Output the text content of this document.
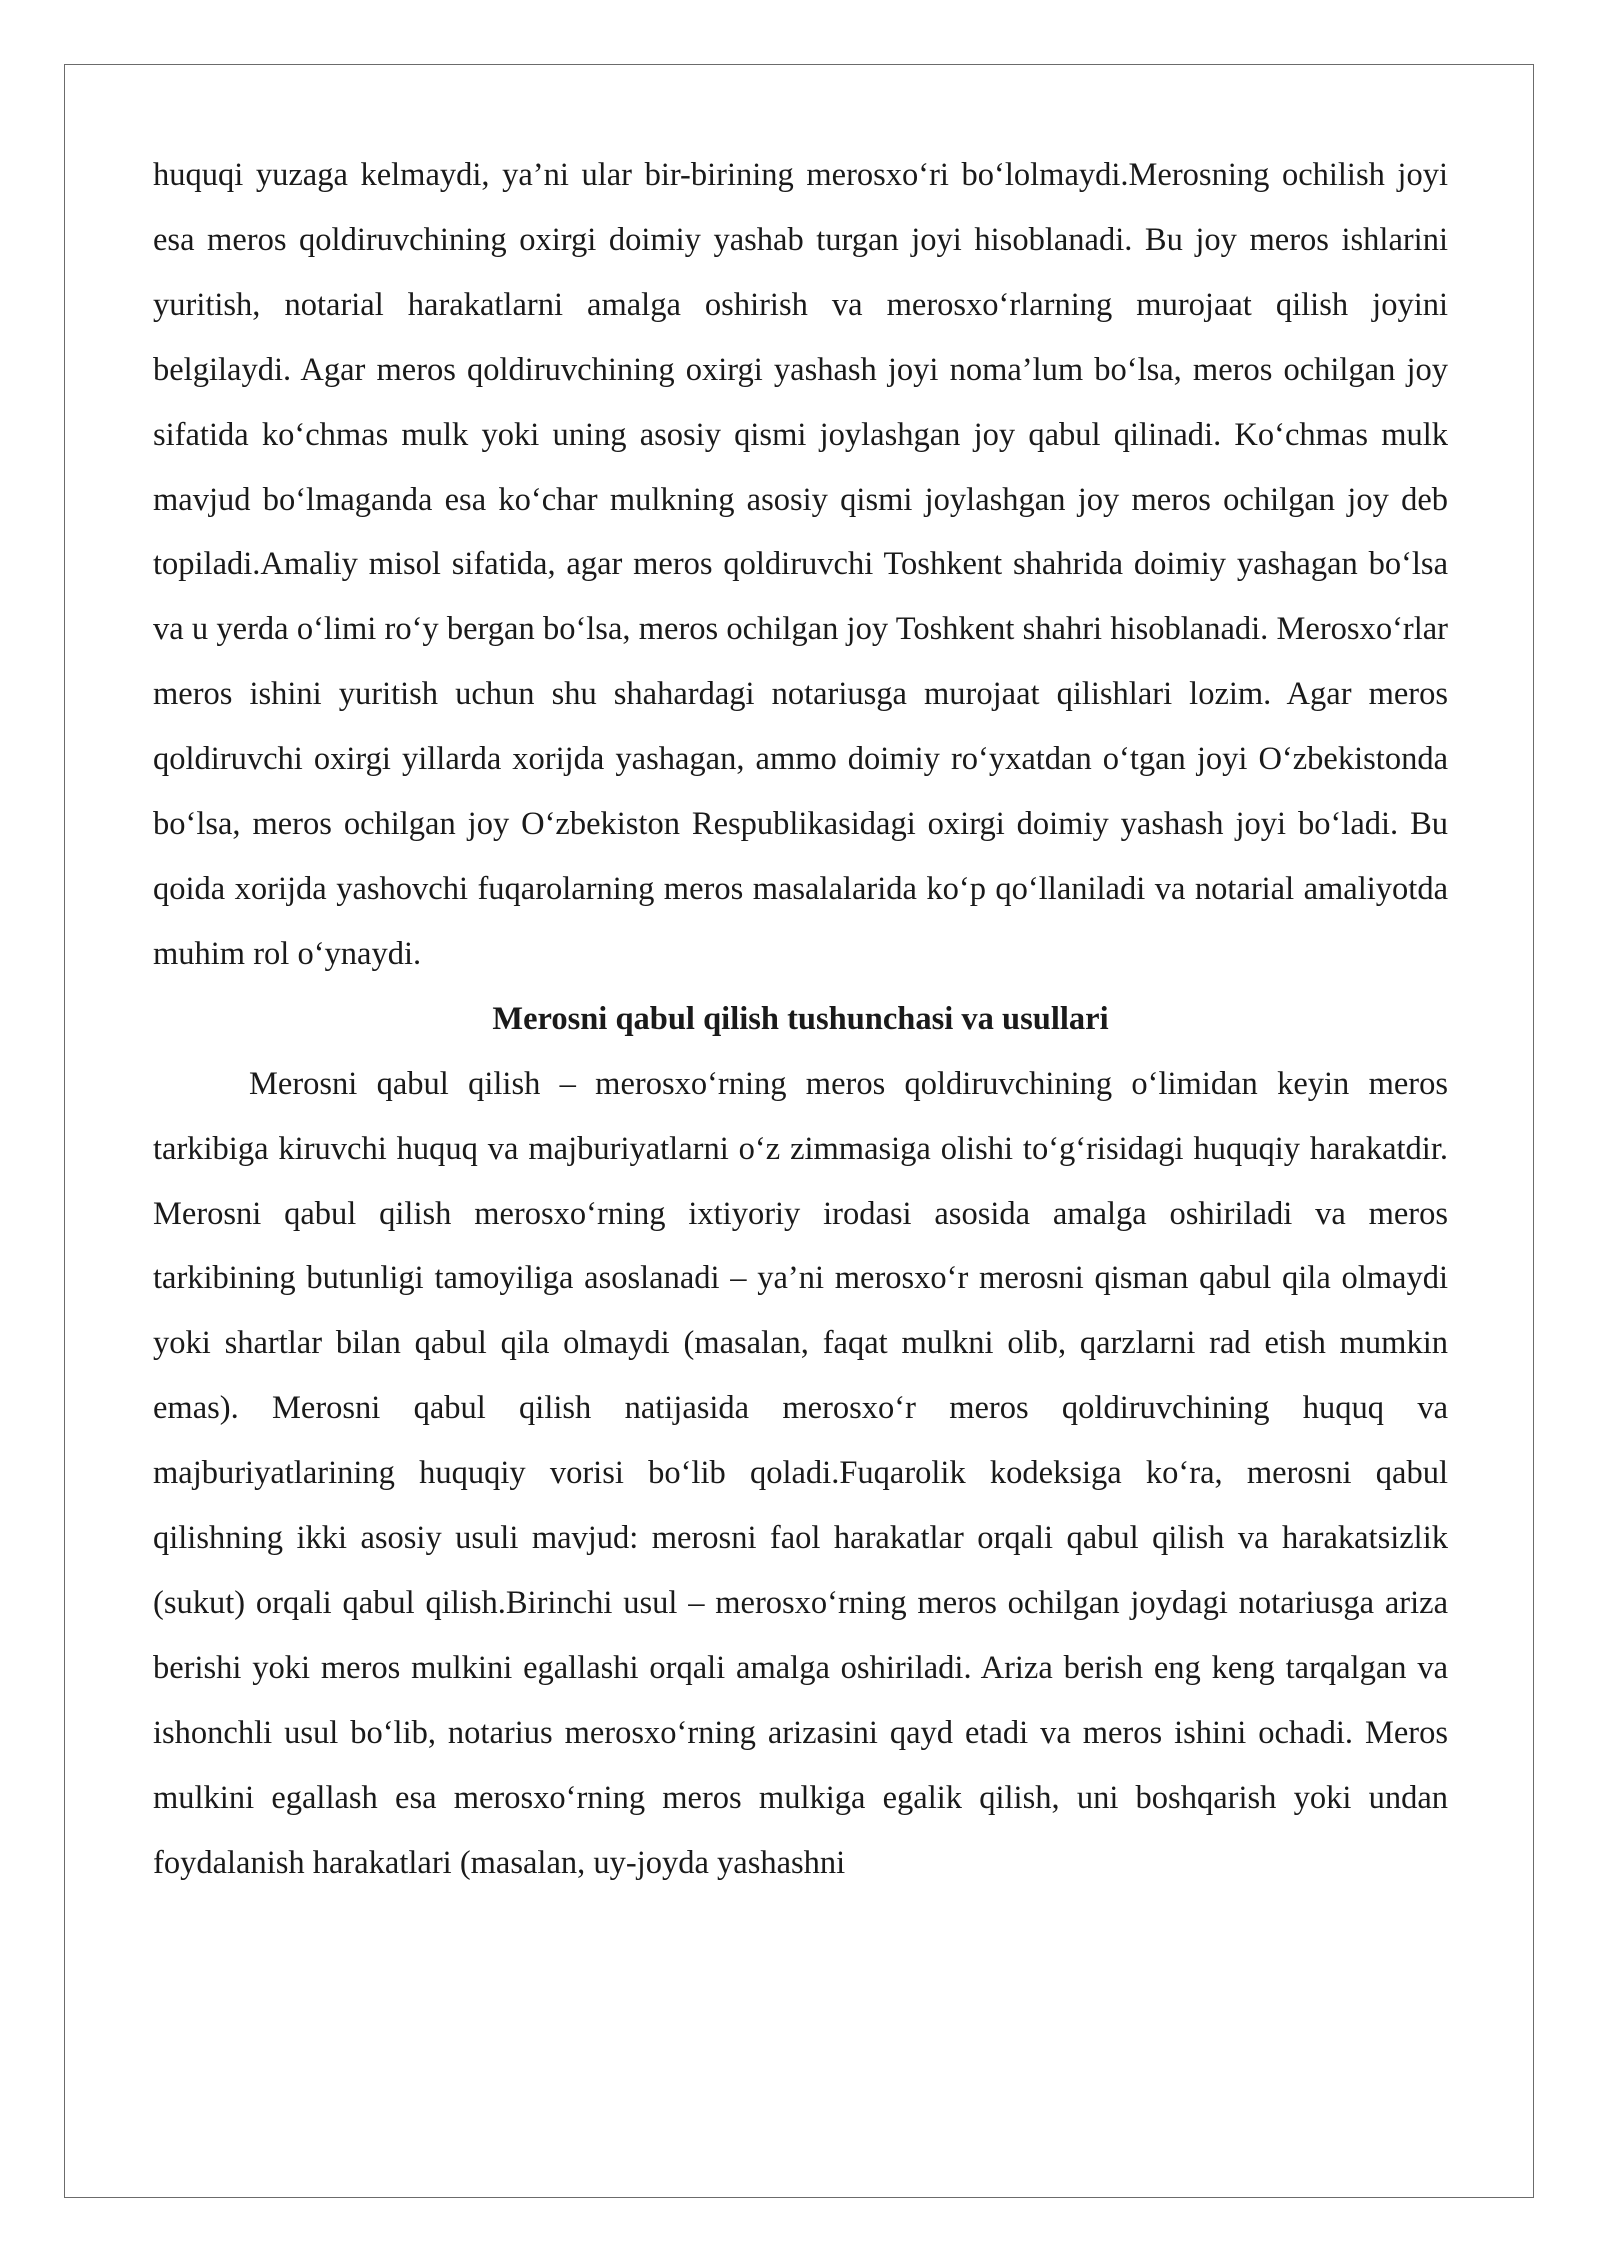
huquqi yuzaga kelmaydi, ya’ni ular bir-birining merosxo‘ri bo‘lolmaydi.Merosning ochilish joyi esa meros qoldiruvchining oxirgi doimiy yashab turgan joyi hisoblanadi. Bu joy meros ishlarini yuritish, notarial harakatlarni amalga oshirish va merosxo‘rlarning murojaat qilish joyini belgilaydi. Agar meros qoldiruvchining oxirgi yashash joyi noma’lum bo‘lsa, meros ochilgan joy sifatida ko‘chmas mulk yoki uning asosiy qismi joylashgan joy qabul qilinadi. Ko‘chmas mulk mavjud bo‘lmaganda esa ko‘char mulkning asosiy qismi joylashgan joy meros ochilgan joy deb topiladi.Amaliy misol sifatida, agar meros qoldiruvchi Toshkent shahrida doimiy yashagan bo‘lsa va u yerda o‘limi ro‘y bergan bo‘lsa, meros ochilgan joy Toshkent shahri hisoblanadi. Merosxo‘rlar meros ishini yuritish uchun shu shahardagi notariusga murojaat qilishlari lozim. Agar meros qoldiruvchi oxirgi yillarda xorijda yashagan, ammo doimiy ro‘yxatdan o‘tgan joyi O‘zbekistonda bo‘lsa, meros ochilgan joy O‘zbekiston Respublikasidagi oxirgi doimiy yashash joyi bo‘ladi. Bu qoida xorijda yashovchi fuqarolarning meros masalalarida ko‘p qo‘llaniladi va notarial amaliyotda muhim rol o‘ynaydi.

Merosni qabul qilish tushunchasi va usullari

Merosni qabul qilish – merosxo‘rning meros qoldiruvchining o‘limidan keyin meros tarkibiga kiruvchi huquq va majburiyatlarni o‘z zimmasiga olishi to‘g‘risidagi huquqiy harakatdir. Merosni qabul qilish merosxo‘rning ixtiyoriy irodasi asosida amalga oshiriladi va meros tarkibining butunligi tamoyiliga asoslanadi – ya’ni merosxo‘r merosni qisman qabul qila olmaydi yoki shartlar bilan qabul qila olmaydi (masalan, faqat mulkni olib, qarzlarni rad etish mumkin emas). Merosni qabul qilish natijasida merosxo‘r meros qoldiruvchining huquq va majburiyatlarining huquqiy vorisi bo‘lib qoladi.Fuqarolik kodeksiga ko‘ra, merosni qabul qilishning ikki asosiy usuli mavjud: merosni faol harakatlar orqali qabul qilish va harakatsizlik (sukut) orqali qabul qilish.Birinchi usul – merosxo‘rning meros ochilgan joydagi notariusga ariza berishi yoki meros mulkini egallashi orqali amalga oshiriladi. Ariza berish eng keng tarqalgan va ishonchli usul bo‘lib, notarius merosxo‘rning arizasini qayd etadi va meros ishini ochadi. Meros mulkini egallash esa merosxo‘rning meros mulkiga egalik qilish, uni boshqarish yoki undan foydalanish harakatlari (masalan, uy-joyda yashashni
